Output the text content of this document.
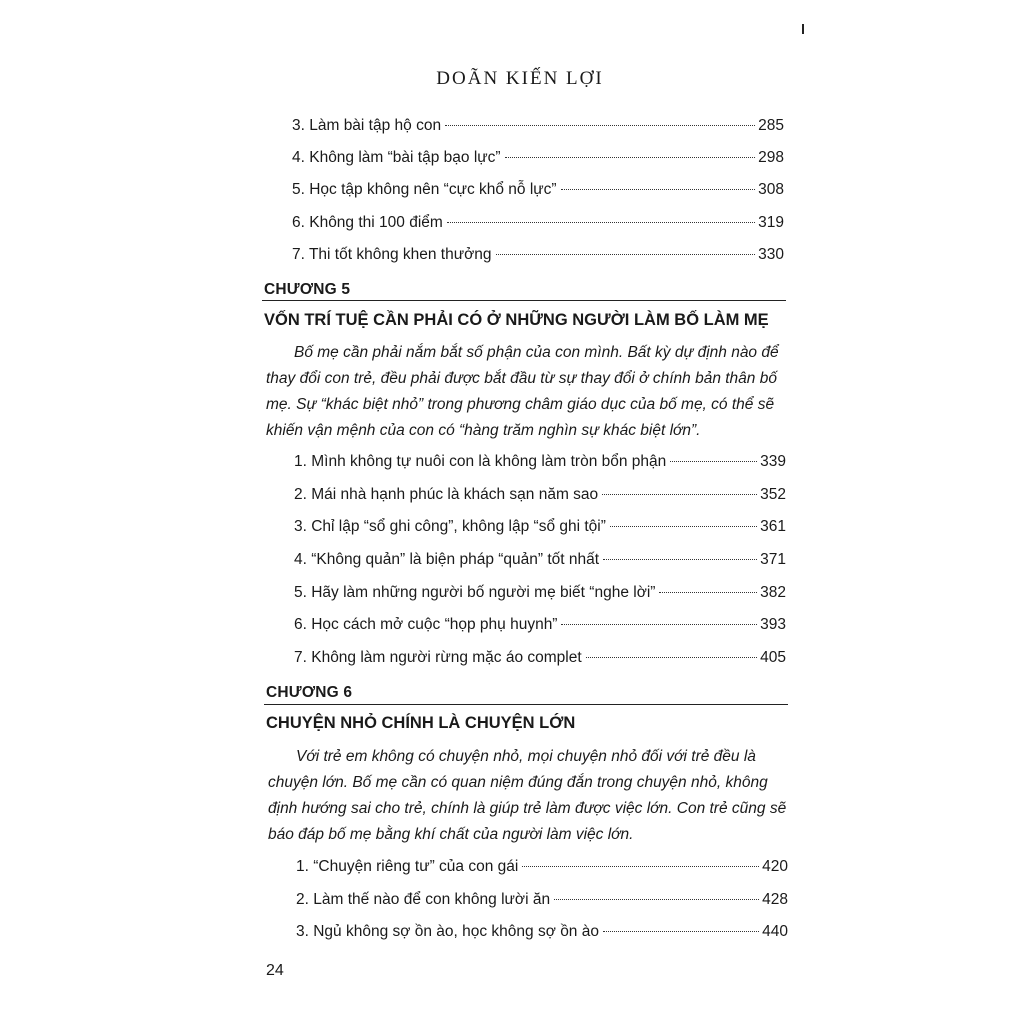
DOÃN KIẾN LỢI
3. Làm bài tập hộ con	285
4. Không làm “bài tập bạo lực”	298
5. Học tập không nên “cực khổ nỗ lực”	308
6. Không thi 100 điểm	319
7. Thi tốt không khen thưởng	330
CHƯƠNG 5
VỐN TRÍ TUỆ CẦN PHẢI CÓ Ở NHỮNG NGƯỜI LÀM BỐ LÀM MẸ

Bố mẹ cần phải nắm bắt số phận của con mình. Bất kỳ dự định nào để thay đổi con trẻ, đều phải được bắt đầu từ sự thay đổi ở chính bản thân bố mẹ. Sự “khác biệt nhỏ” trong phương châm giáo dục của bố mẹ, có thể sẽ khiến vận mệnh của con có “hàng trăm nghìn sự khác biệt lớn”.

1. Mình không tự nuôi con là không làm tròn bổn phận	339
2. Mái nhà hạnh phúc là khách sạn năm sao	352
3. Chỉ lập “sổ ghi công”, không lập “sổ ghi tội”	361
4. “Không quản” là biện pháp “quản” tốt nhất	371
5. Hãy làm những người bố người mẹ biết “nghe lời”	382
6. Học cách mở cuộc “họp phụ huynh”	393
7. Không làm người rừng mặc áo complet	405
CHƯƠNG 6
CHUYỆN NHỎ CHÍNH LÀ CHUYỆN LỚN

Với trẻ em không có chuyện nhỏ, mọi chuyện nhỏ đối với trẻ đều là chuyện lớn. Bố mẹ cần có quan niệm đúng đắn trong chuyện nhỏ, không định hướng sai cho trẻ, chính là giúp trẻ làm được việc lớn. Con trẻ cũng sẽ báo đáp bố mẹ bằng khí chất của người làm việc lớn.

1. “Chuyện riêng tư” của con gái	420
2. Làm thế nào để con không lười ăn	428
3. Ngủ không sợ ồn ào, học không sợ ồn ào	440
24
